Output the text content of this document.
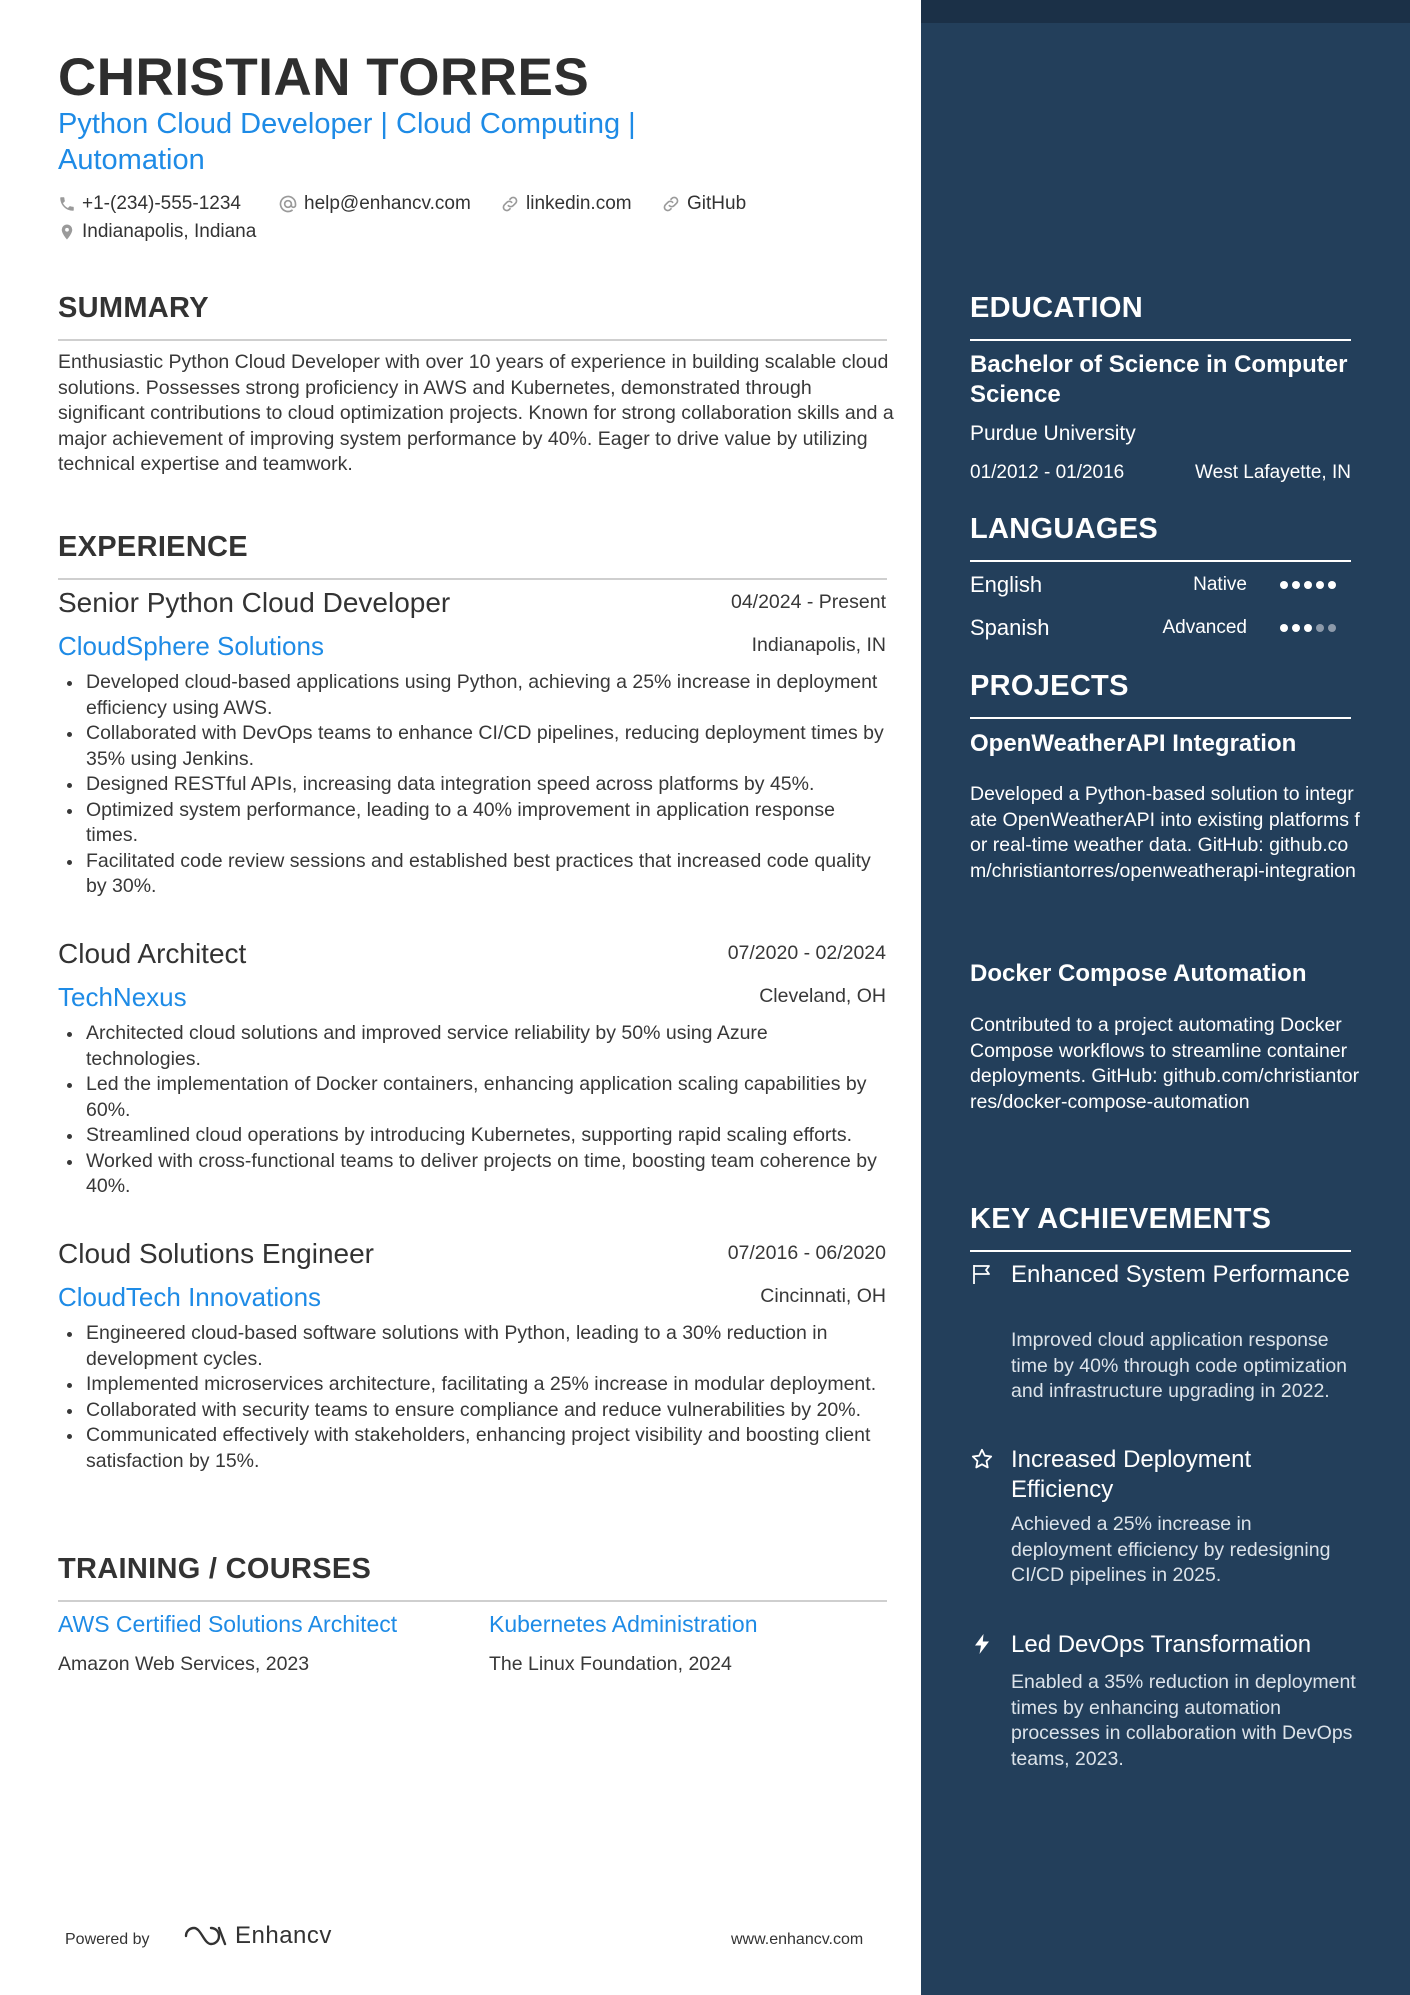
CHRISTIAN TORRES
Python Cloud Developer | Cloud Computing | Automation
+1-(234)-555-1234	help@enhancv.com	linkedin.com	GitHub
Indianapolis, Indiana
SUMMARY

Enthusiastic Python Cloud Developer with over 10 years of experience in building scalable cloud solutions. Possesses strong proficiency in AWS and Kubernetes, demonstrated through significant contributions to cloud optimization projects. Known for strong collaboration skills and a major achievement of improving system performance by 40%. Eager to drive value by utilizing technical expertise and teamwork.

EXPERIENCE
Senior Python Cloud Developer	04/2024 - Present
CloudSphere Solutions	Indianapolis, IN
Developed cloud-based applications using Python, achieving a 25% increase in deployment efficiency using AWS.
Collaborated with DevOps teams to enhance CI/CD pipelines, reducing deployment times by 35% using Jenkins.
Designed RESTful APIs, increasing data integration speed across platforms by 45%.
Optimized system performance, leading to a 40% improvement in application response times.
Facilitated code review sessions and established best practices that increased code quality by 30%.
Cloud Architect	07/2020 - 02/2024
TechNexus	Cleveland, OH
Architected cloud solutions and improved service reliability by 50% using Azure technologies.
Led the implementation of Docker containers, enhancing application scaling capabilities by 60%.
Streamlined cloud operations by introducing Kubernetes, supporting rapid scaling efforts.
Worked with cross-functional teams to deliver projects on time, boosting team coherence by 40%.
Cloud Solutions Engineer	07/2016 - 06/2020
CloudTech Innovations	Cincinnati, OH
Engineered cloud-based software solutions with Python, leading to a 30% reduction in development cycles.
Implemented microservices architecture, facilitating a 25% increase in modular deployment.
Collaborated with security teams to ensure compliance and reduce vulnerabilities by 20%.
Communicated effectively with stakeholders, enhancing project visibility and boosting client satisfaction by 15%.
TRAINING / COURSES
AWS Certified Solutions Architect
Amazon Web Services, 2023
Kubernetes Administration
The Linux Foundation, 2024
Powered by	Enhancv	www.enhancv.com
EDUCATION

Bachelor of Science in Computer Science

Purdue University
01/2012 - 01/2016	West Lafayette, IN
LANGUAGES
English	Native
Spanish	Advanced
PROJECTS

OpenWeatherAPI Integration

Developed a Python-based solution to integrate OpenWeatherAPI into existing platforms for real-time weather data. GitHub: github.com/christiantorres/openweatherapi-integration

Docker Compose Automation

Contributed to a project automating Docker Compose workflows to streamline container deployments. GitHub: github.com/christiantorres/docker-compose-automation

KEY ACHIEVEMENTS

Enhanced System Performance

Improved cloud application response time by 40% through code optimization and infrastructure upgrading in 2022.

Increased Deployment Efficiency

Achieved a 25% increase in deployment efficiency by redesigning CI/CD pipelines in 2025.

Led DevOps Transformation

Enabled a 35% reduction in deployment times by enhancing automation processes in collaboration with DevOps teams, 2023.
